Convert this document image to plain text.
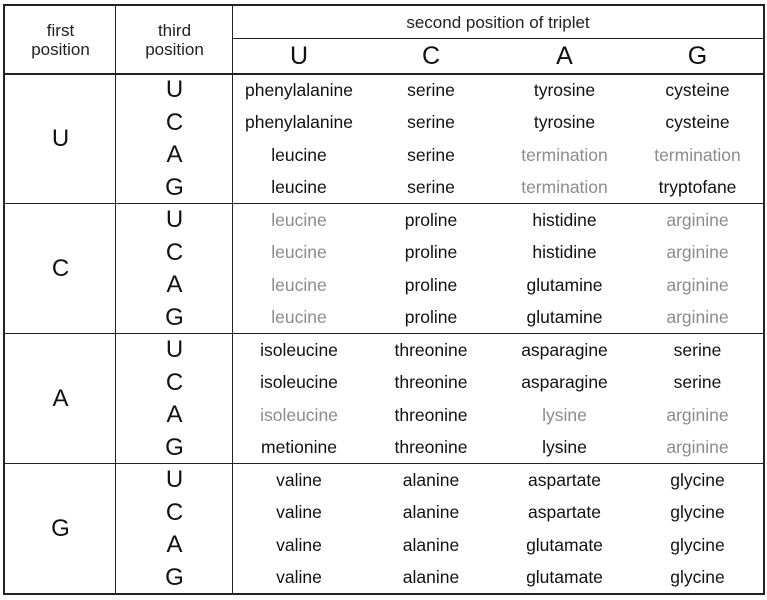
first
position
third
position
second position of triplet
U	C	A	G
U
U	phenylalanine	serine	tyrosine	cysteine
C	phenylalanine	serine	tyrosine	cysteine
A	leucine	serine	termination	termination
G	leucine	serine	termination	tryptofane
C
U	leucine	proline	histidine	arginine
C	leucine	proline	histidine	arginine
A	leucine	proline	glutamine	arginine
G	leucine	proline	glutamine	arginine
A
U	isoleucine	threonine	asparagine	serine
C	isoleucine	threonine	asparagine	serine
A	isoleucine	threonine	lysine	arginine
G	metionine	threonine	lysine	arginine
G
U	valine	alanine	aspartate	glycine
C	valine	alanine	aspartate	glycine
A	valine	alanine	glutamate	glycine
G	valine	alanine	glutamate	glycine
